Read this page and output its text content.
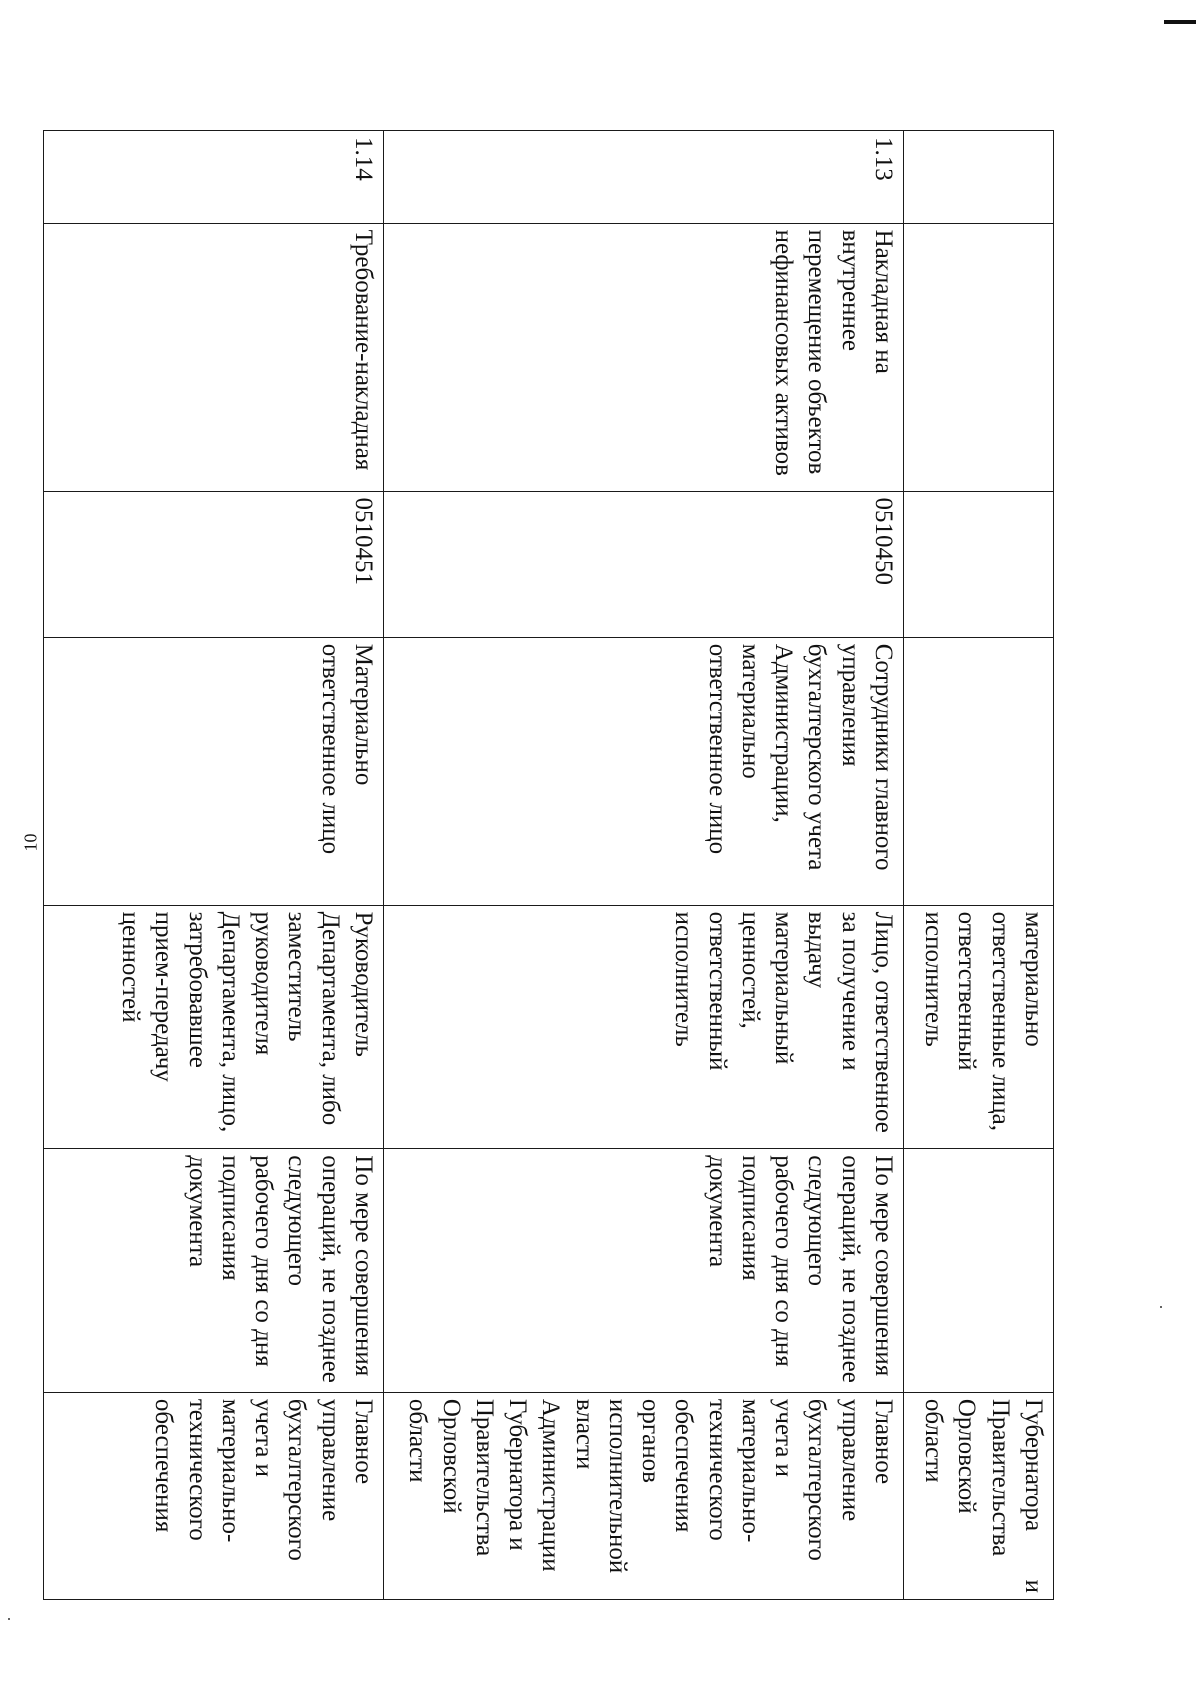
10
				материально ответственные лица, ответственный исполнитель		Губернатора и
Правительства Орловской области

1.13	Накладная на внутреннее перемещение объектов нефинансовых активов	0510450	Сотрудники главного управления бухгалтерского учета Администрации, материально ответственное лицо	Лицо, ответственное за получение и выдачу материальный ценностей, ответственный исполнитель	По мере совершения операций, не позднее следующего рабочего дня со дня подписания документа	Главное управление бухгалтерского учета и материально-технического обеспечения органов исполнительной власти Администрации Губернатора и Правительства Орловской области

1.14	Требование-накладная	0510451	Материально ответственное лицо	Руководитель Департамента, либо заместитель руководителя Департамента, лицо, затребовавшее прием-передачу ценностей	По мере совершения операций, не позднее следующего рабочего дня со дня подписания документа	Главное управление бухгалтерского учета и материально-технического обеспечения
